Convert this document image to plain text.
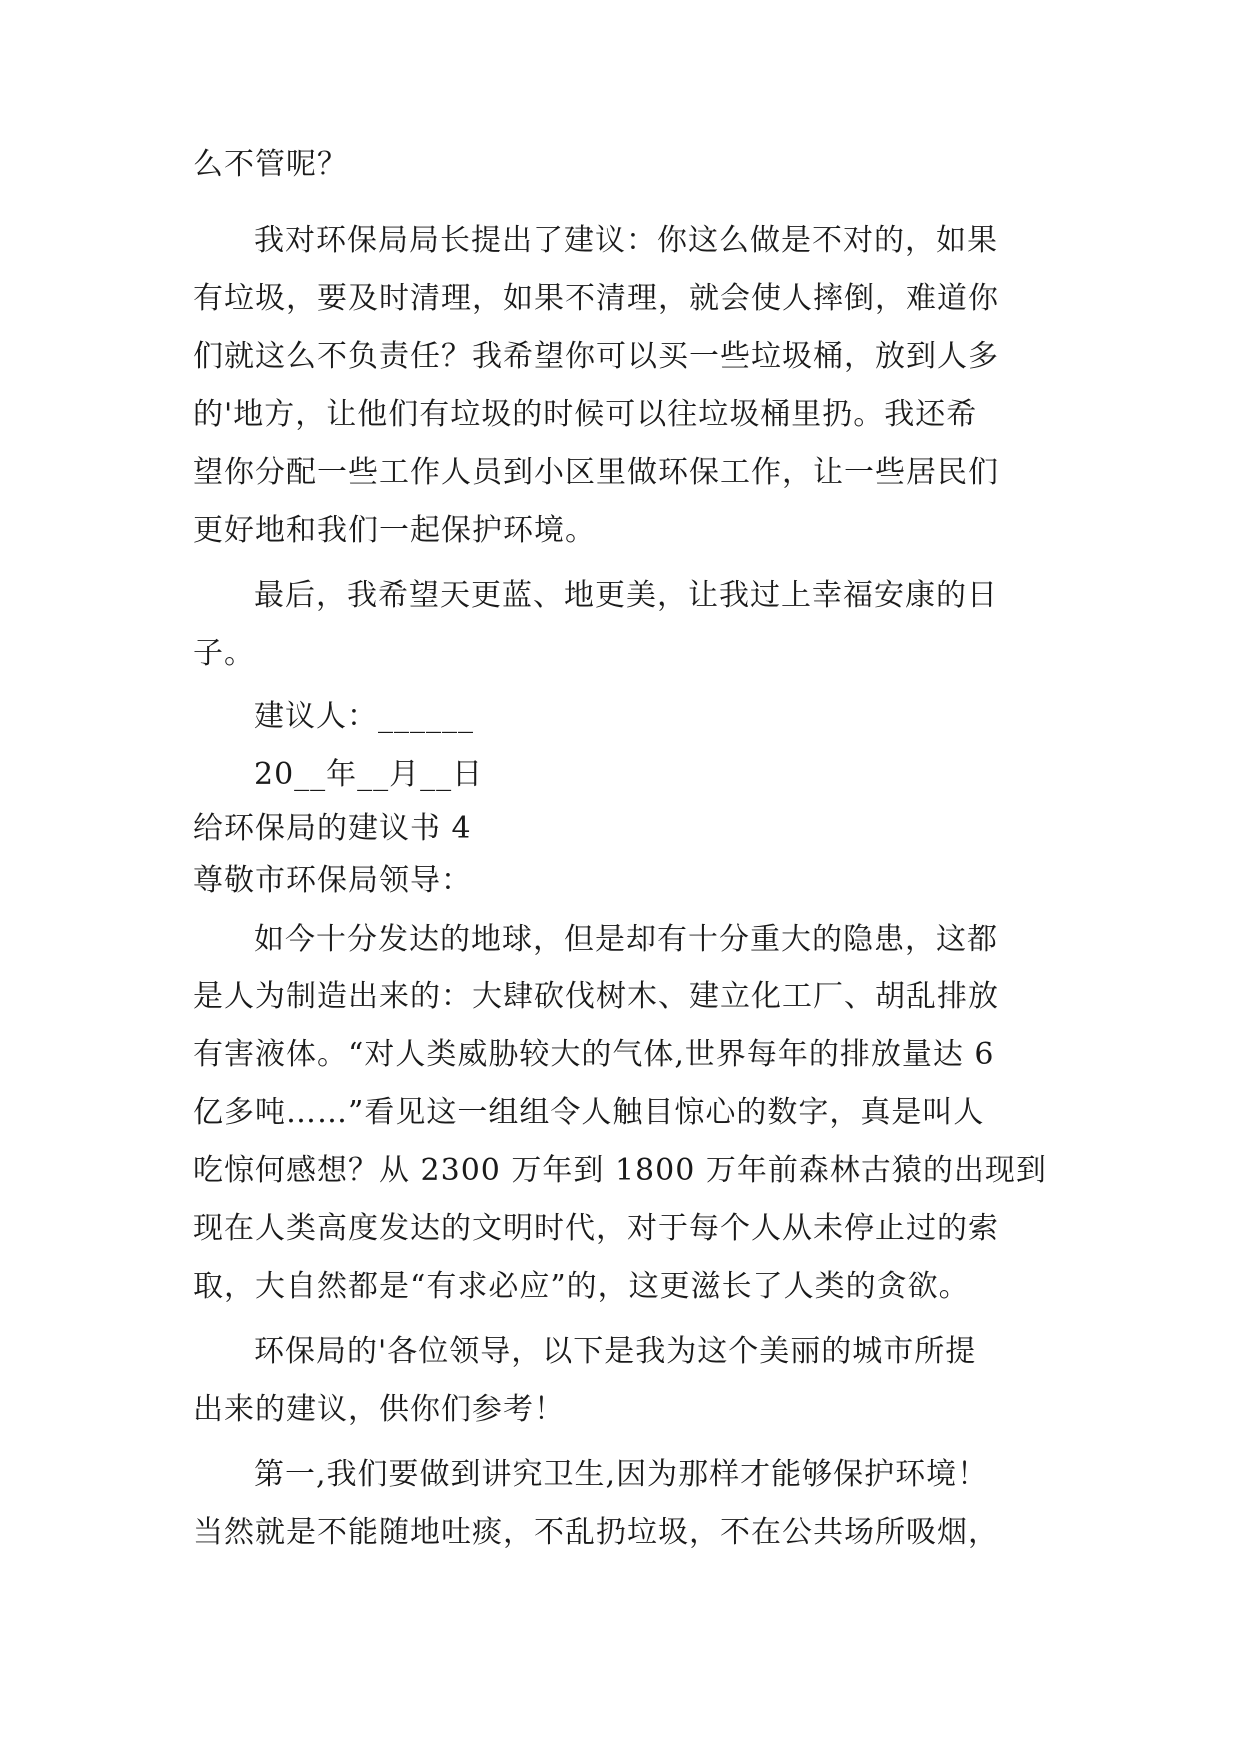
么不管呢？
我对环保局局长提出了建议：你这么做是不对的，如果
有垃圾，要及时清理，如果不清理，就会使人摔倒，难道你
们就这么不负责任？我希望你可以买一些垃圾桶，放到人多
的'地方，让他们有垃圾的时候可以往垃圾桶里扔。我还希
望你分配一些工作人员到小区里做环保工作，让一些居民们
更好地和我们一起保护环境。
最后，我希望天更蓝、地更美，让我过上幸福安康的日
子。
建议人：______
20__年__月__日
给环保局的建议书 4
尊敬市环保局领导：
如今十分发达的地球，但是却有十分重大的隐患，这都
是人为制造出来的：大肆砍伐树木、建立化工厂、胡乱排放
有害液体。“对人类威胁较大的气体,世界每年的排放量达 6
亿多吨……”看见这一组组令人触目惊心的数字，真是叫人
吃惊何感想？从 2300 万年到 1800 万年前森林古猿的出现到
现在人类高度发达的文明时代，对于每个人从未停止过的索
取，大自然都是“有求必应”的，这更滋长了人类的贪欲。
环保局的'各位领导，以下是我为这个美丽的城市所提
出来的建议，供你们参考！
第一,我们要做到讲究卫生,因为那样才能够保护环境！
当然就是不能随地吐痰，不乱扔垃圾，不在公共场所吸烟，
